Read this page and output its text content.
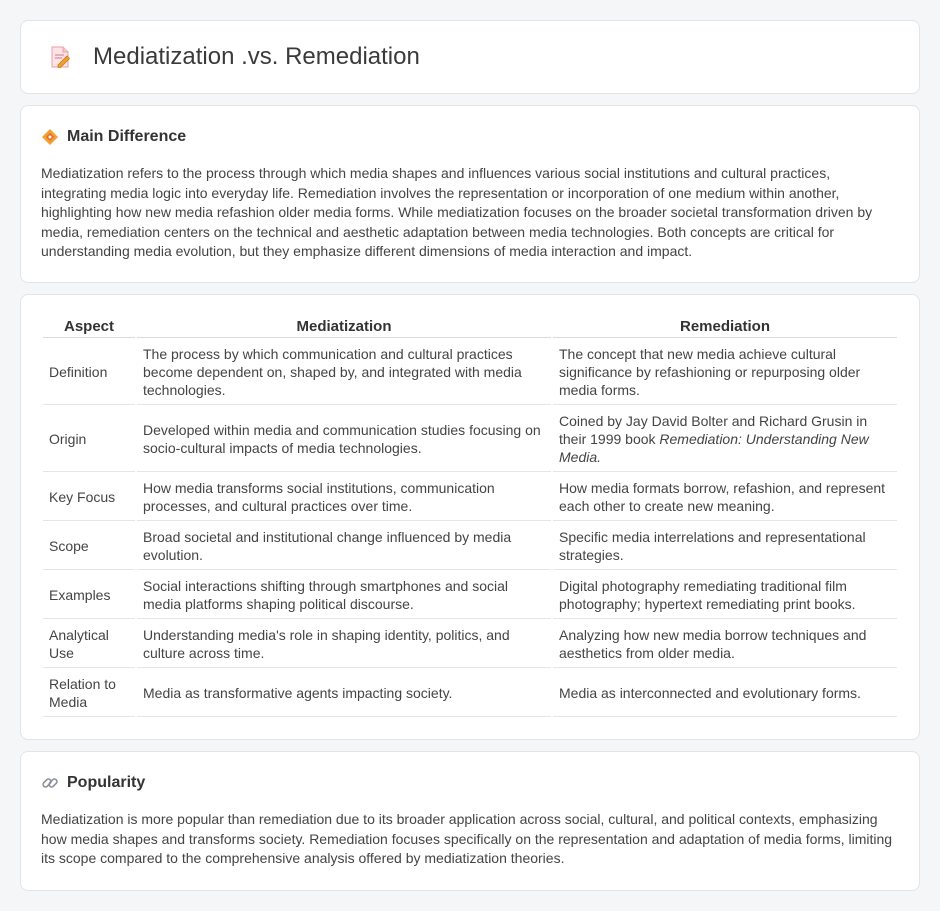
Mediatization .vs. Remediation
Main Difference

Mediatization refers to the process through which media shapes and influences various social institutions and cultural practices, integrating media logic into everyday life. Remediation involves the representation or incorporation of one medium within another, highlighting how new media refashion older media forms. While mediatization focuses on the broader societal transformation driven by media, remediation centers on the technical and aesthetic adaptation between media technologies. Both concepts are critical for understanding media evolution, but they emphasize different dimensions of media interaction and impact.

Aspect	Mediatization	Remediation
Definition	The process by which communication and cultural practices become dependent on, shaped by, and integrated with media technologies.	The concept that new media achieve cultural significance by refashioning or repurposing older media forms.
Origin	Developed within media and communication studies focusing on socio-cultural impacts of media technologies.	Coined by Jay David Bolter and Richard Grusin in their 1999 book Remediation: Understanding New Media.
Key Focus	How media transforms social institutions, communication processes, and cultural practices over time.	How media formats borrow, refashion, and represent each other to create new meaning.
Scope	Broad societal and institutional change influenced by media evolution.	Specific media interrelations and representational strategies.
Examples	Social interactions shifting through smartphones and social media platforms shaping political discourse.	Digital photography remediating traditional film photography; hypertext remediating print books.
Analytical Use	Understanding media's role in shaping identity, politics, and culture across time.	Analyzing how new media borrow techniques and aesthetics from older media.
Relation to Media	Media as transformative agents impacting society.	Media as interconnected and evolutionary forms.
Popularity

Mediatization is more popular than remediation due to its broader application across social, cultural, and political contexts, emphasizing how media shapes and transforms society. Remediation focuses specifically on the representation and adaptation of media forms, limiting its scope compared to the comprehensive analysis offered by mediatization theories.
